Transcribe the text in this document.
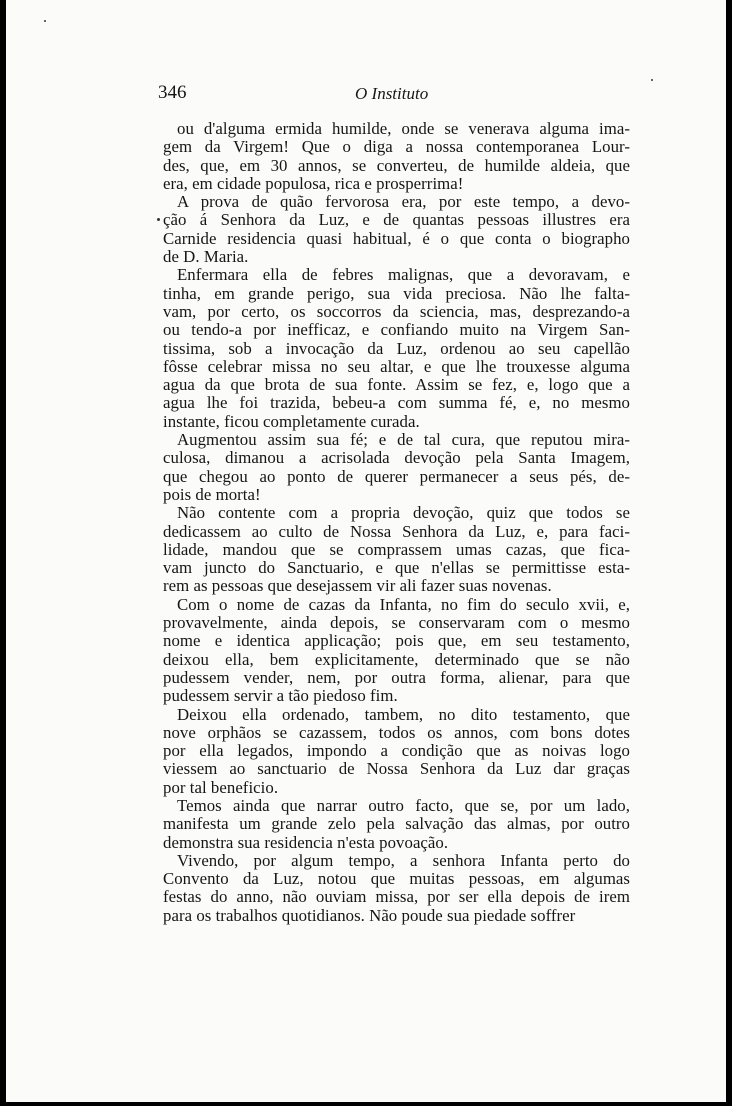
346	O Instituto
ou d'alguma ermida humilde, onde se venerava alguma ima-
gem da Virgem! Que o diga a nossa contemporanea Lour-
des, que, em 30 annos, se converteu, de humilde aldeia, que
era, em cidade populosa, rica e prosperrima!
A prova de quão fervorosa era, por este tempo, a devo-
ção á Senhora da Luz, e de quantas pessoas illustres era
Carnide residencia quasi habitual, é o que conta o biographo
de D. Maria.
Enfermara ella de febres malignas, que a devoravam, e
tinha, em grande perigo, sua vida preciosa. Não lhe falta-
vam, por certo, os soccorros da sciencia, mas, desprezando-a
ou tendo-a por inefficaz, e confiando muito na Virgem San-
tissima, sob a invocação da Luz, ordenou ao seu capellão
fôsse celebrar missa no seu altar, e que lhe trouxesse alguma
agua da que brota de sua fonte. Assim se fez, e, logo que a
agua lhe foi trazida, bebeu-a com summa fé, e, no mesmo
instante, ficou completamente curada.
Augmentou assim sua fé; e de tal cura, que reputou mira-
culosa, dimanou a acrisolada devoção pela Santa Imagem,
que chegou ao ponto de querer permanecer a seus pés, de-
pois de morta!
Não contente com a propria devoção, quiz que todos se
dedicassem ao culto de Nossa Senhora da Luz, e, para faci-
lidade, mandou que se comprassem umas cazas, que fica-
vam juncto do Sanctuario, e que n'ellas se permittisse esta-
rem as pessoas que desejassem vir ali fazer suas novenas.
Com o nome de cazas da Infanta, no fim do seculo xvii, e,
provavelmente, ainda depois, se conservaram com o mesmo
nome e identica applicação; pois que, em seu testamento,
deixou ella, bem explicitamente, determinado que se não
pudessem vender, nem, por outra forma, alienar, para que
pudessem servir a tão piedoso fim.
Deixou ella ordenado, tambem, no dito testamento, que
nove orphãos se cazassem, todos os annos, com bons dotes
por ella legados, impondo a condição que as noivas logo
viessem ao sanctuario de Nossa Senhora da Luz dar graças
por tal beneficio.
Temos ainda que narrar outro facto, que se, por um lado,
manifesta um grande zelo pela salvação das almas, por outro
demonstra sua residencia n'esta povoação.
Vivendo, por algum tempo, a senhora Infanta perto do
Convento da Luz, notou que muitas pessoas, em algumas
festas do anno, não ouviam missa, por ser ella depois de irem
para os trabalhos quotidianos. Não poude sua piedade soffrer
